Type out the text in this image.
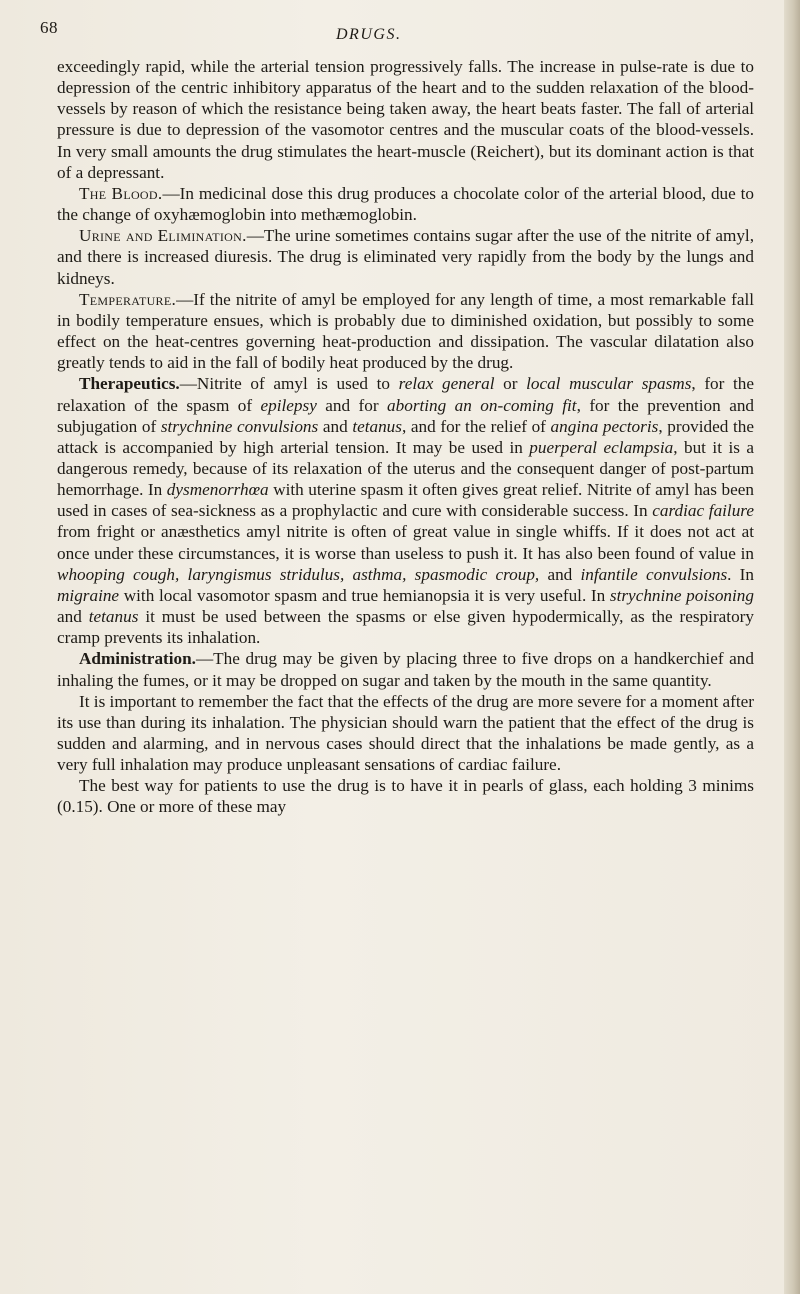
68	DRUGS.

exceedingly rapid, while the arterial tension progressively falls. The increase in pulse-rate is due to depression of the centric inhibitory apparatus of the heart and to the sudden relaxation of the blood-vessels by reason of which the resistance being taken away, the heart beats faster. The fall of arterial pressure is due to depression of the vasomotor centres and the muscular coats of the blood-vessels. In very small amounts the drug stimulates the heart-muscle (Reichert), but its dominant action is that of a depressant.

The Blood.—In medicinal dose this drug produces a chocolate color of the arterial blood, due to the change of oxyhæmoglobin into methæmoglobin.

Urine and Elimination.—The urine sometimes contains sugar after the use of the nitrite of amyl, and there is increased diuresis. The drug is eliminated very rapidly from the body by the lungs and kidneys.

Temperature.—If the nitrite of amyl be employed for any length of time, a most remarkable fall in bodily temperature ensues, which is probably due to diminished oxidation, but possibly to some effect on the heat-centres governing heat-production and dissipation. The vascular dilatation also greatly tends to aid in the fall of bodily heat produced by the drug.

Therapeutics.—Nitrite of amyl is used to relax general or local muscular spasms, for the relaxation of the spasm of epilepsy and for aborting an on-coming fit, for the prevention and subjugation of strychnine convulsions and tetanus, and for the relief of angina pectoris, provided the attack is accompanied by high arterial tension. It may be used in puerperal eclampsia, but it is a dangerous remedy, because of its relaxation of the uterus and the consequent danger of post-partum hemorrhage. In dysmenorrhœa with uterine spasm it often gives great relief. Nitrite of amyl has been used in cases of sea-sickness as a prophylactic and cure with considerable success. In cardiac failure from fright or anæsthetics amyl nitrite is often of great value in single whiffs. If it does not act at once under these circumstances, it is worse than useless to push it. It has also been found of value in whooping cough, laryngismus stridulus, asthma, spasmodic croup, and infantile convulsions. In migraine with local vasomotor spasm and true hemianopsia it is very useful. In strychnine poisoning and tetanus it must be used between the spasms or else given hypodermically, as the respiratory cramp prevents its inhalation.

Administration.—The drug may be given by placing three to five drops on a handkerchief and inhaling the fumes, or it may be dropped on sugar and taken by the mouth in the same quantity.

It is important to remember the fact that the effects of the drug are more severe for a moment after its use than during its inhalation. The physician should warn the patient that the effect of the drug is sudden and alarming, and in nervous cases should direct that the inhalations be made gently, as a very full inhalation may produce unpleasant sensations of cardiac failure.

The best way for patients to use the drug is to have it in pearls of glass, each holding 3 minims (0.15). One or more of these may
